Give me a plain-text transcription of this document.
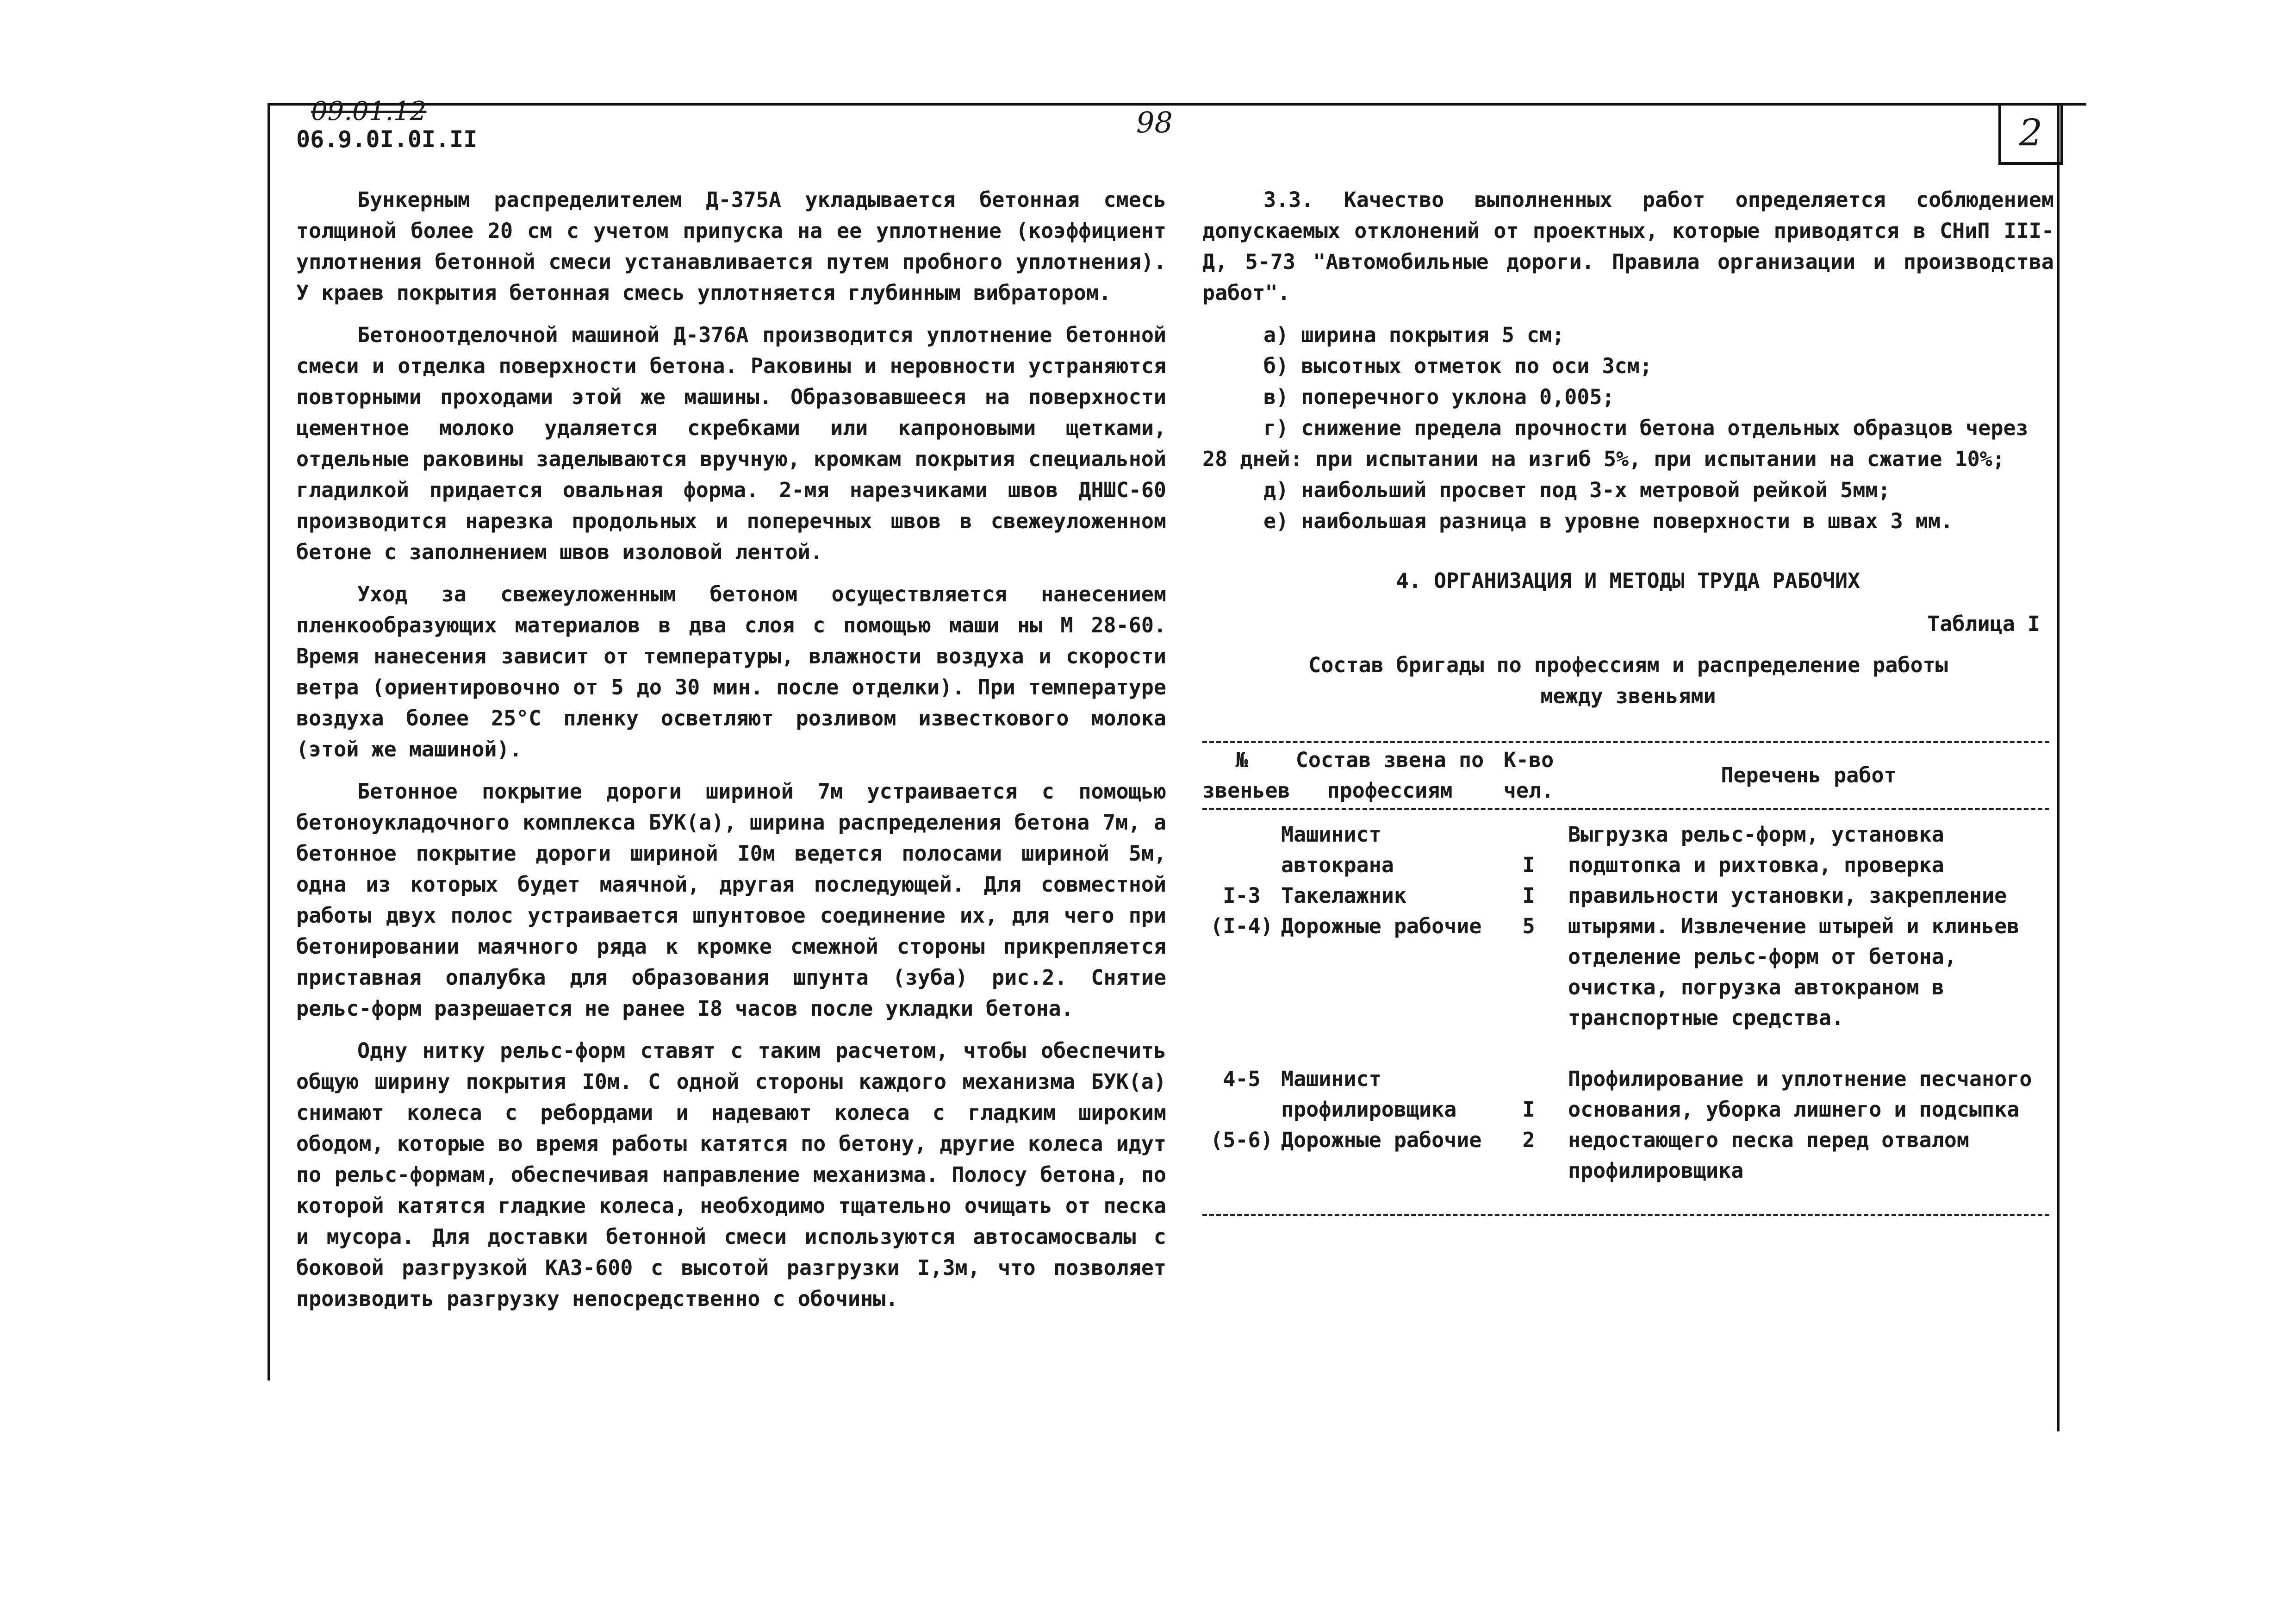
2
09.01.12
06.9.0I.0I.II	98

Бункерным распределителем Д-375А укладывается бетонная смесь толщиной более 20 см с учетом припуска на ее уплотнение (коэффициент уплотнения бетонной смеси устанавливается путем пробного уплотнения). У краев покрытия бетонная смесь уплотняется глубинным вибратором.

Бетоноотделочной машиной Д-376А производится уплотнение бетонной смеси и отделка поверхности бетона. Раковины и неровности устраняются повторными проходами этой же машины. Образовавшееся на поверхности цементное молоко удаляется скребками или капроновыми щетками, отдельные раковины заделываются вручную, кромкам покрытия специальной гладилкой придается овальная форма. 2-мя нарезчиками швов ДНШС-60 производится нарезка продольных и поперечных швов в свежеуложенном бетоне с заполнением швов изоловой лентой.

Уход за свежеуложенным бетоном осуществляется нанесением пленкообразующих материалов в два слоя с помощью маши ны М 28-60. Время нанесения зависит от температуры, влажности воздуха и скорости ветра (ориентировочно от 5 до 30 мин. после отделки). При температуре воздуха более 25°С пленку осветляют розливом известкового молока (этой же машиной).

Бетонное покрытие дороги шириной 7м устраивается с помощью бетоноукладочного комплекса БУК(а), ширина распределения бетона 7м, а бетонное покрытие дороги шириной I0м ведется полосами шириной 5м, одна из которых будет маячной, другая последующей. Для совместной работы двух полос устраивается шпунтовое соединение их, для чего при бетонировании маячного ряда к кромке смежной стороны прикрепляется приставная опалубка для образования шпунта (зуба) рис.2. Снятие рельс-форм разрешается не ранее I8 часов после укладки бетона.

Одну нитку рельс-форм ставят с таким расчетом, чтобы обеспечить общую ширину покрытия I0м. С одной стороны каждого механизма БУК(а) снимают колеса с ребордами и надевают колеса с гладким широким ободом, которые во время работы катятся по бетону, другие колеса идут по рельс-формам, обеспечивая направление механизма. Полосу бетона, по которой катятся гладкие колеса, необходимо тщательно очищать от песка и мусора. Для доставки бетонной смеси используются автосамосвалы с боковой разгрузкой КАЗ-600 с высотой разгрузки I,3м, что позволяет производить разгрузку непосредственно с обочины.

3.3. Качество выполненных работ определяется соблюдением допускаемых отклонений от проектных, которые приводятся в СНиП III-Д, 5-73 "Автомобильные дороги. Правила организации и производства работ".

а) ширина покрытия 5 см;
б) высотных отметок по оси 3см;
в) поперечного уклона 0,005;
г) снижение предела прочности бетона отдельных образцов через 28 дней: при испытании на изгиб 5%, при испытании на сжатие 10%;
д) наибольший просвет под 3-х метровой рейкой 5мм;
е) наибольшая разница в уровне поверхности в швах 3 мм.
4. ОРГАНИЗАЦИЯ И МЕТОДЫ ТРУДА РАБОЧИХ
Таблица I
Состав бригады по профессиям и распределение работы
между звеньями
№
звеньев
Состав звена по
профессиям
К-во
чел.
Перечень работ

I-3
(I-4)
Машинист
автокрана
Такелажник
Дорожные рабочие

I
I
5
Выгрузка рельс-форм, установка подштопка и рихтовка, проверка правильности установки, закрепление штырями. Извлечение штырей и клиньев отделение рельс-форм от бетона, очистка, погрузка автокраном в транспортные средства.
4-5

(5-6)
Машинист профилировщика
Дорожные рабочие

I
2
Профилирование и уплотнение песчаного основания, уборка лишнего и подсыпка недостающего песка перед отвалом профилировщика
